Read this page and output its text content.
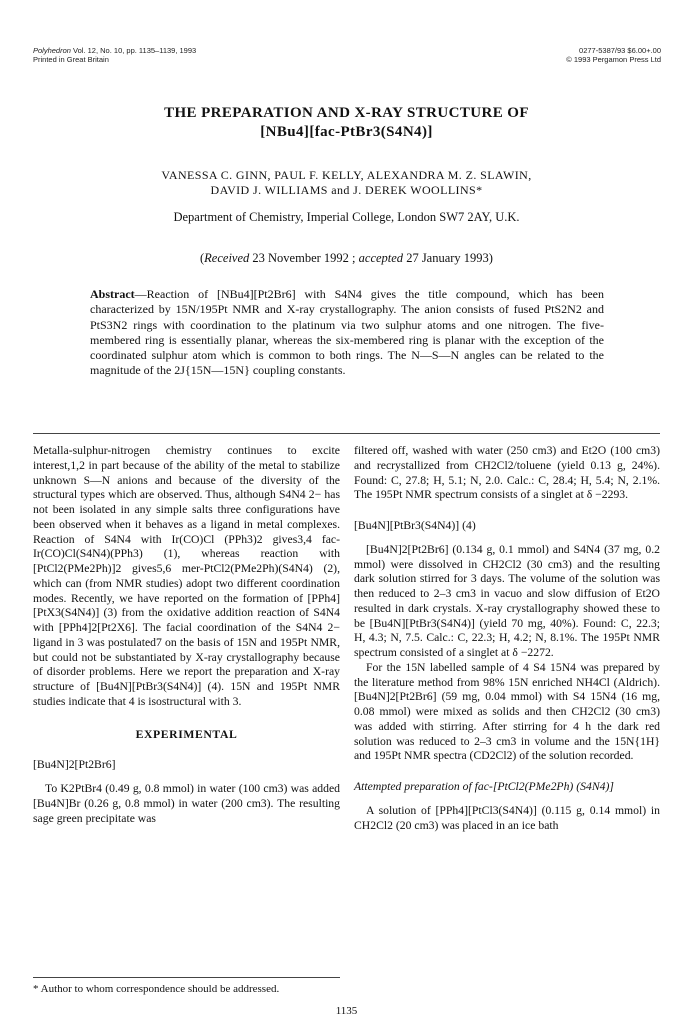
Polyhedron Vol. 12, No. 10, pp. 1135–1139, 1993
Printed in Great Britain
0277-5387/93 $6.00+.00
© 1993 Pergamon Press Ltd
THE PREPARATION AND X-RAY STRUCTURE OF
[NBu4][fac-PtBr3(S4N4)]
VANESSA C. GINN, PAUL F. KELLY, ALEXANDRA M. Z. SLAWIN,
DAVID J. WILLIAMS and J. DEREK WOOLLINS*
Department of Chemistry, Imperial College, London SW7 2AY, U.K.
(Received 23 November 1992 ; accepted 27 January 1993)

Abstract—Reaction of [NBu4][Pt2Br6] with S4N4 gives the title compound, which has been characterized by 15N/195Pt NMR and X-ray crystallography. The anion consists of fused PtS2N2 and PtS3N2 rings with coordination to the platinum via two sulphur atoms and one nitrogen. The five-membered ring is essentially planar, whereas the six-membered ring is planar with the exception of the coordinated sulphur atom which is common to both rings. The N—S—N angles can be related to the magnitude of the 2J{15N—15N} coupling constants.

Metalla-sulphur-nitrogen chemistry continues to excite interest,1,2 in part because of the ability of the metal to stabilize unknown S—N anions and because of the diversity of the structural types which are observed. Thus, although S4N4 2− has not been isolated in any simple salts three configurations have been observed when it behaves as a ligand in metal complexes. Reaction of S4N4 with Ir(CO)Cl (PPh3)2 gives3,4 fac-Ir(CO)Cl(S4N4)(PPh3) (1), whereas reaction with [PtCl2(PMe2Ph)]2 gives5,6 mer-PtCl2(PMe2Ph)(S4N4) (2), which can (from NMR studies) adopt two different coordination modes. Recently, we have reported on the formation of [PPh4][PtX3(S4N4)] (3) from the oxidative addition reaction of S4N4 with [PPh4]2[Pt2X6]. The facial coordination of the S4N4 2− ligand in 3 was postulated7 on the basis of 15N and 195Pt NMR, but could not be substantiated by X-ray crystallography because of disorder problems. Here we report the preparation and X-ray structure of [Bu4N][PtBr3(S4N4)] (4). 15N and 195Pt NMR studies indicate that 4 is isostructural with 3.

EXPERIMENTAL

[Bu4N]2[Pt2Br6]

To K2PtBr4 (0.49 g, 0.8 mmol) in water (100 cm3) was added [Bu4N]Br (0.26 g, 0.8 mmol) in water (200 cm3). The resulting sage green precipitate was

filtered off, washed with water (250 cm3) and Et2O (100 cm3) and recrystallized from CH2Cl2/toluene (yield 0.13 g, 24%). Found: C, 27.8; H, 5.1; N, 2.0. Calc.: C, 28.4; H, 5.4; N, 2.1%. The 195Pt NMR spectrum consists of a singlet at δ −2293.

[Bu4N][PtBr3(S4N4)] (4)

[Bu4N]2[Pt2Br6] (0.134 g, 0.1 mmol) and S4N4 (37 mg, 0.2 mmol) were dissolved in CH2Cl2 (30 cm3) and the resulting dark solution stirred for 3 days. The volume of the solution was then reduced to 2–3 cm3 in vacuo and slow diffusion of Et2O resulted in dark crystals. X-ray crystallography showed these to be [Bu4N][PtBr3(S4N4)] (yield 70 mg, 40%). Found: C, 22.3; H, 4.3; N, 7.5. Calc.: C, 22.3; H, 4.2; N, 8.1%. The 195Pt NMR spectrum consisted of a singlet at δ −2272.

For the 15N labelled sample of 4 S4 15N4 was prepared by the literature method from 98% 15N enriched NH4Cl (Aldrich). [Bu4N]2[Pt2Br6] (59 mg, 0.04 mmol) with S4 15N4 (16 mg, 0.08 mmol) were mixed as solids and then CH2Cl2 (30 cm3) was added with stirring. After stirring for 4 h the dark red solution was reduced to 2–3 cm3 in volume and the 15N{1H} and 195Pt NMR spectra (CD2Cl2) of the solution recorded.

Attempted preparation of fac-[PtCl2(PMe2Ph) (S4N4)]

A solution of [PPh4][PtCl3(S4N4)] (0.115 g, 0.14 mmol) in CH2Cl2 (20 cm3) was placed in an ice bath

* Author to whom correspondence should be addressed.
1135
